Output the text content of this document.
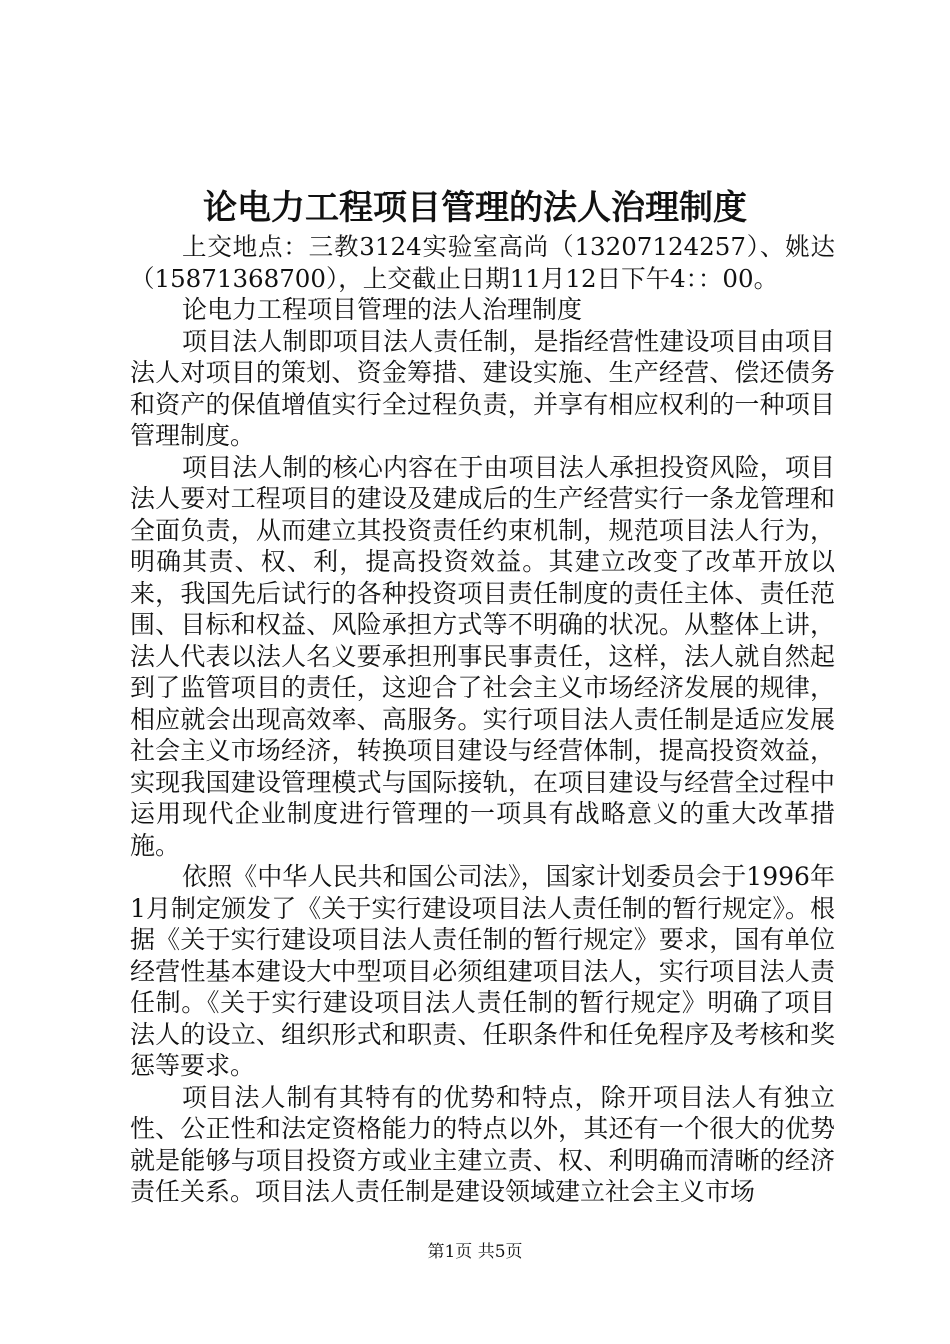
论电力工程项目管理的法人治理制度

上交地点：三教3124实验室高尚（13207124257）、姚达（15871368700），上交截止日期11月12日下午4：：00。

论电力工程项目管理的法人治理制度

项目法人制即项目法人责任制，是指经营性建设项目由项目法人对项目的策划、资金筹措、建设实施、生产经营、偿还债务和资产的保值增值实行全过程负责，并享有相应权利的一种项目管理制度。

项目法人制的核心内容在于由项目法人承担投资风险，项目法人要对工程项目的建设及建成后的生产经营实行一条龙管理和全面负责，从而建立其投资责任约束机制，规范项目法人行为，明确其责、权、利，提高投资效益。其建立改变了改革开放以来，我国先后试行的各种投资项目责任制度的责任主体、责任范围、目标和权益、风险承担方式等不明确的状况。从整体上讲，法人代表以法人名义要承担刑事民事责任，这样，法人就自然起到了监管项目的责任，这迎合了社会主义市场经济发展的规律，相应就会出现高效率、高服务。实行项目法人责任制是适应发展社会主义市场经济，转换项目建设与经营体制，提高投资效益，实现我国建设管理模式与国际接轨，在项目建设与经营全过程中运用现代企业制度进行管理的一项具有战略意义的重大改革措施。

依照《中华人民共和国公司法》，国家计划委员会于1996年1月制定颁发了《关于实行建设项目法人责任制的暂行规定》。根据《关于实行建设项目法人责任制的暂行规定》要求，国有单位经营性基本建设大中型项目必须组建项目法人，实行项目法人责任制。《关于实行建设项目法人责任制的暂行规定》明确了项目法人的设立、组织形式和职责、任职条件和任免程序及考核和奖惩等要求。

项目法人制有其特有的优势和特点，除开项目法人有独立性、公正性和法定资格能力的特点以外，其还有一个很大的优势就是能够与项目投资方或业主建立责、权、利明确而清晰的经济责任关系。项目法人责任制是建设领域建立社会主义市场

第1页 共5页
